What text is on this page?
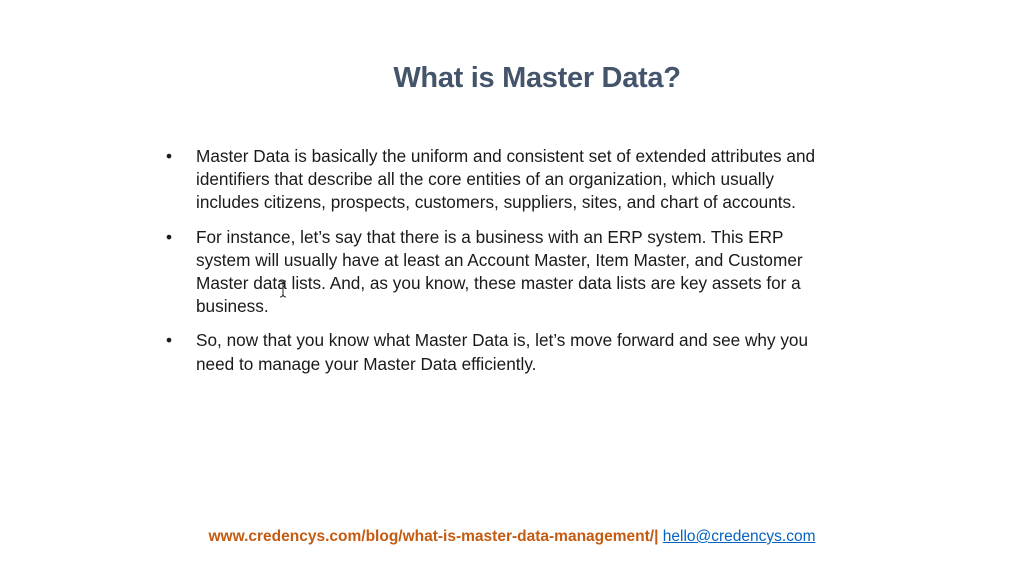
What is Master Data?
•	Master Data is basically the uniform and consistent set of extended attributes and identifiers that describe all the core entities of an organization, which usually includes citizens, prospects, customers, suppliers, sites, and chart of accounts.
•	For instance, let’s say that there is a business with an ERP system. This ERP system will usually have at least an Account Master, Item Master, and Customer Master data lists. And, as you know, these master data lists are key assets for a business.
•	So, now that you know what Master Data is, let’s move forward and see why you need to manage your Master Data efficiently.
www.credencys.com/blog/what-is-master-data-management/| hello@credencys.com
